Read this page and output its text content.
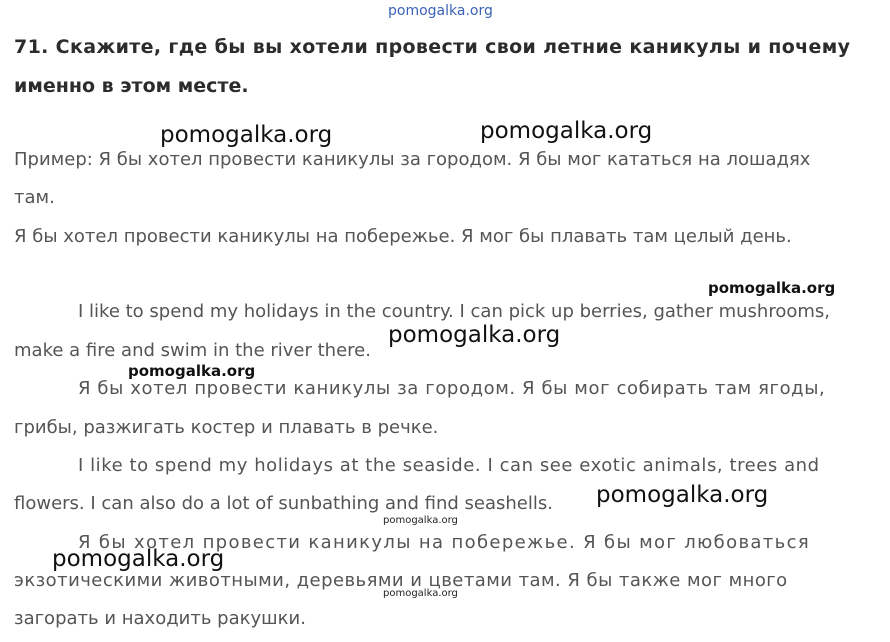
pomogalka.org
71. Скажите, где бы вы хотели провести свои летние каникулы и почему
именно в этом месте.
Пример: Я бы хотел провести каникулы за городом. Я бы мог кататься на лошадях
там.
Я бы хотел провести каникулы на побережье. Я мог бы плавать там целый день.
I like to spend my holidays in the country. I can pick up berries, gather mushrooms,
make a fire and swim in the river there.
Я бы хотел провести каникулы за городом. Я бы мог собирать там ягоды,
грибы, разжигать костер и плавать в речке.
I like to spend my holidays at the seaside. I can see exotic animals, trees and
flowers. I can also do a lot of sunbathing and find seashells.
Я бы хотел провести каникулы на побережье. Я бы мог любоваться
экзотическими животными, деревьями и цветами там. Я бы также мог много
загорать и находить ракушки.
pomogalka.org	pomogalka.org
pomogalka.org
pomogalka.org
pomogalka.org
pomogalka.org
pomogalka.org
pomogalka.org
pomogalka.org
